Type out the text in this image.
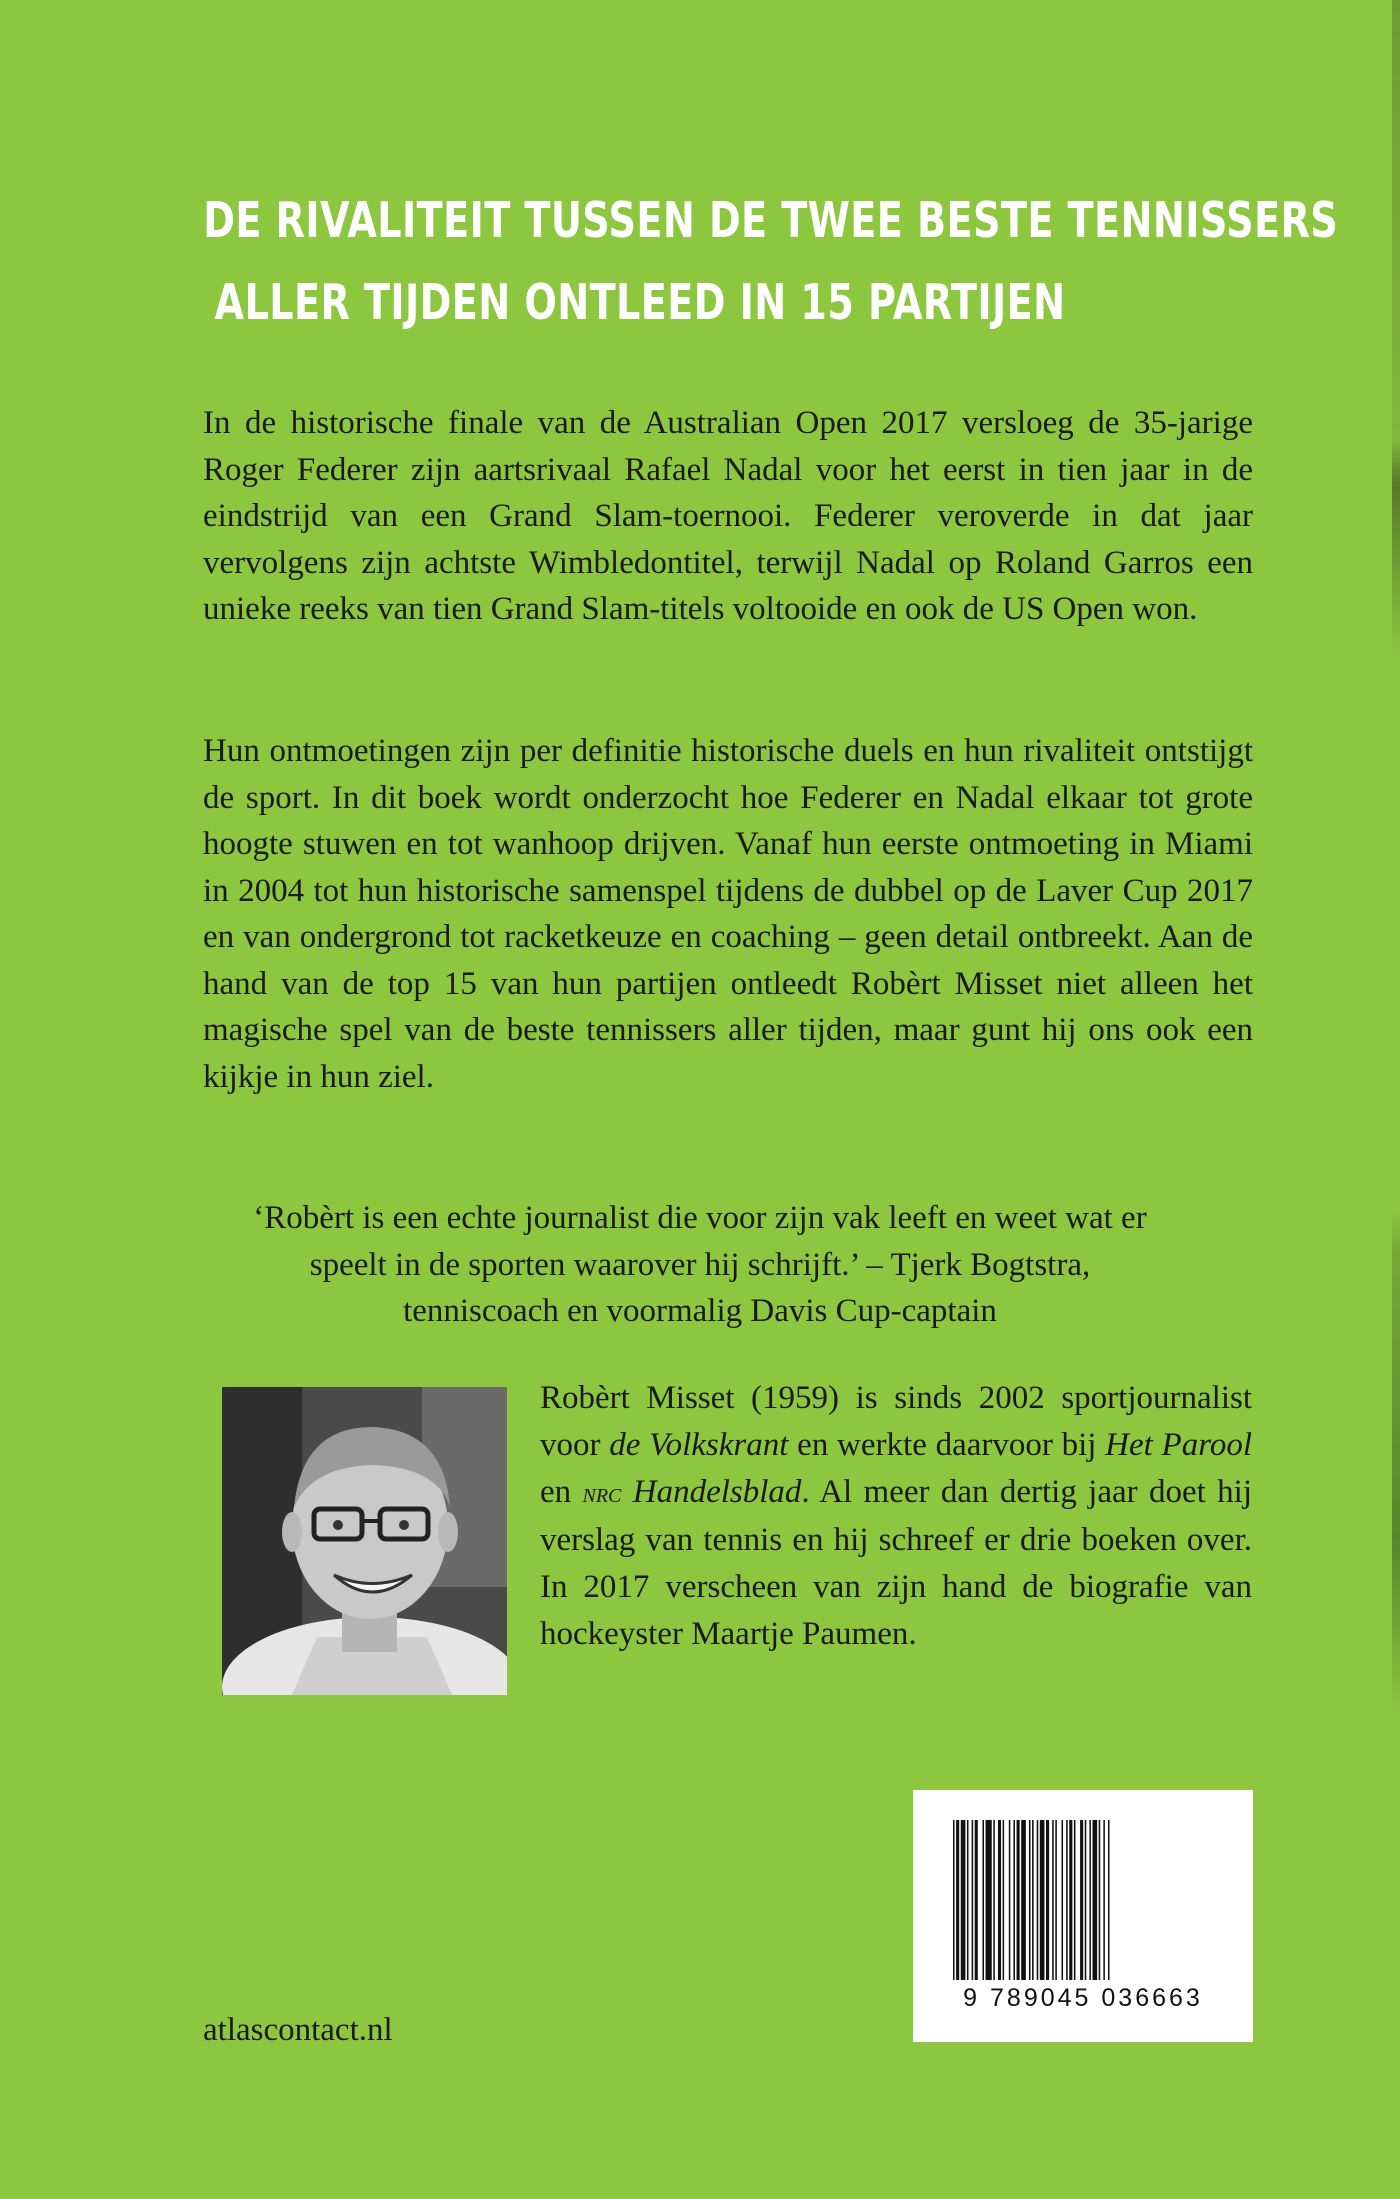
DE RIVALITEIT TUSSEN DE TWEE BESTE TENNISSERS
ALLER TIJDEN ONTLEED IN 15 PARTIJEN

In de historische finale van de Australian Open 2017 versloeg de 35-jarige Roger Federer zijn aartsrivaal Rafael Nadal voor het eerst in tien jaar in de eindstrijd van een Grand Slam-toernooi. Federer veroverde in dat jaar vervolgens zijn achtste Wimbledontitel, terwijl Nadal op Roland Garros een unieke reeks van tien Grand Slam-titels voltooide en ook de US Open won.

Hun ontmoetingen zijn per definitie historische duels en hun rivaliteit ontstijgt de sport. In dit boek wordt onderzocht hoe Federer en Nadal elkaar tot grote hoogte stuwen en tot wanhoop drijven. Vanaf hun eerste ontmoeting in Miami in 2004 tot hun historische samenspel tijdens de dubbel op de Laver Cup 2017 en van ondergrond tot racketkeuze en coaching – geen detail ontbreekt. Aan de hand van de top 15 van hun partijen ontleedt Robèrt Misset niet alleen het magische spel van de beste tennissers aller tijden, maar gunt hij ons ook een kijkje in hun ziel.

‘Robèrt is een echte journalist die voor zijn vak leeft en weet wat er
speelt in de sporten waarover hij schrijft.’ – Tjerk Bogtstra,
tenniscoach en voormalig Davis Cup-captain
Robèrt Misset (1959) is sinds 2002 sportjournalist voor de Volkskrant en werkte daarvoor bij Het Parool en nrc Handelsblad. Al meer dan dertig jaar doet hij verslag van tennis en hij schreef er drie boeken over. In 2017 verscheen van zijn hand de biografie van hockeyster Maartje Paumen.
9 789045 036663
atlascontact.nl
